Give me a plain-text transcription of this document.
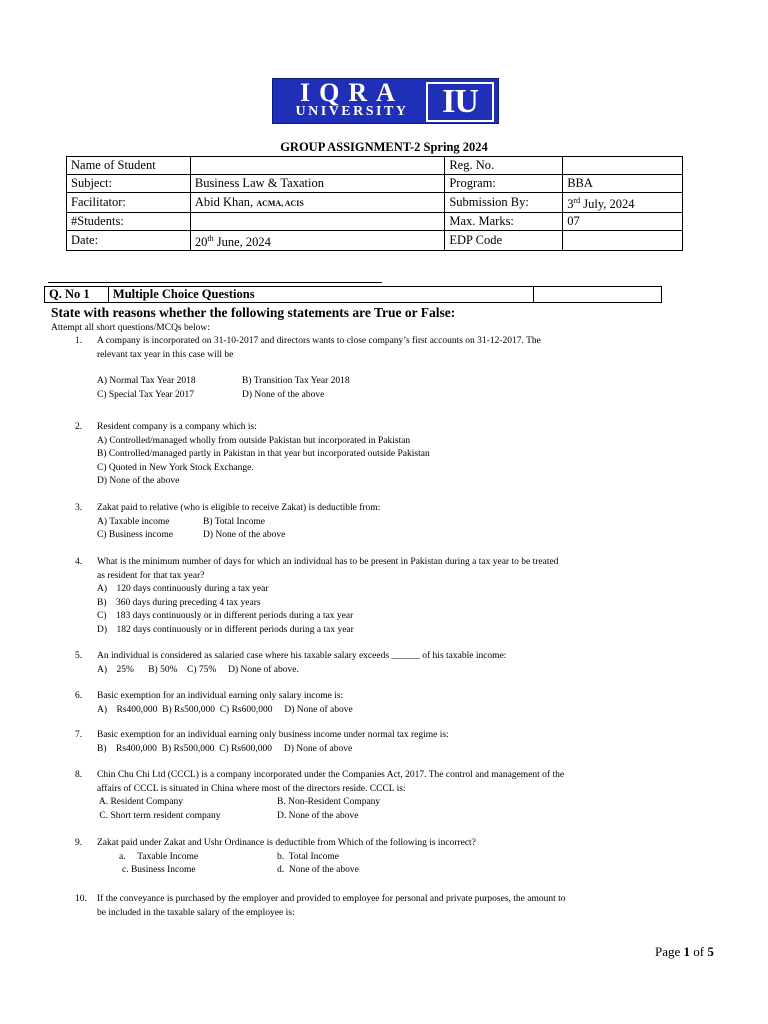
IQRA
UNIVERSITY IU
GROUP ASSIGNMENT-2 Spring 2024
Name of Student		Reg. No.	
Subject:	Business Law & Taxation	Program:	BBA
Facilitator:	Abid Khan, ACMA, ACIS	Submission By:	3rd July, 2024
#Students:		Max. Marks:	07
Date:	20th June, 2024	EDP Code	
Q. No 1	Multiple Choice Questions	
State with reasons whether the following statements are True or False:
Attempt all short questions/MCQs below:
1.	A company is incorporated on 31-10-2017 and directors wants to close company’s first accounts on 31-12-2017. The
relevant tax year in this case will be
A) Normal Tax Year 2018	B) Transition Tax Year 2018
C) Special Tax Year 2017	D) None of the above
2.	Resident company is a company which is:
A) Controlled/managed wholly from outside Pakistan but incorporated in Pakistan
B) Controlled/managed partly in Pakistan in that year but incorporated outside Pakistan
C) Quoted in New York Stock Exchange.
D) None of the above
3.	Zakat paid to relative (who is eligible to receive Zakat) is deductible from:
A) Taxable income	B) Total Income
C) Business income	D) None of the above
4.	What is the minimum number of days for which an individual has to be present in Pakistan during a tax year to be treated
as resident for that tax year?
A)    120 days continuously during a tax year
B)    360 days during preceding 4 tax years
C)    183 days continuously or in different periods during a tax year
D)    182 days continuously or in different periods during a tax year
5.	An individual is considered as salaried case where his taxable salary exceeds ______ of his taxable income:
A)    25%      B) 50%    C) 75%     D) None of above.
6.	Basic exemption for an individual earning only salary income is:
A)    Rs400,000  B) Rs500,000  C) Rs600,000     D) None of above
7.	Basic exemption for an individual earning only business income under normal tax regime is:
B)    Rs400,000  B) Rs500,000  C) Rs600,000     D) None of above
8.	Chin Chu Chi Ltd (CCCL) is a company incorporated under the Companies Act, 2017. The control and management of the
affairs of CCCL is situated in China where most of the directors reside. CCCL is:
A. Resident Company	B. Non-Resident Company
C. Short term resident company	D. None of the above
9.	Zakat paid under Zakat and Ushr Ordinance is deductible from Which of the following is incorrect?
a.     Taxable Income	b.  Total Income
c. Business Income	d.  None of the above
10.	If the conveyance is purchased by the employer and provided to employee for personal and private purposes, the amount to
be included in the taxable salary of the employee is:
Page 1 of 5
